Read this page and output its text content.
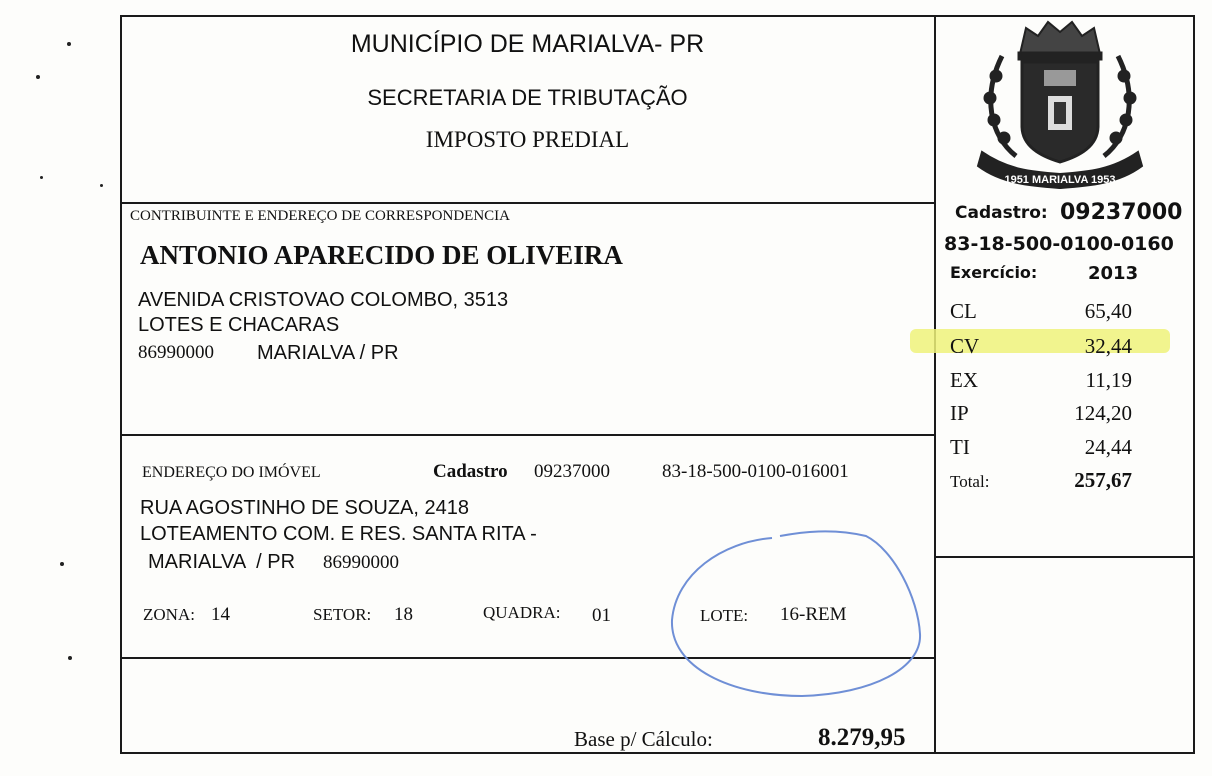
MUNICÍPIO DE MARIALVA- PR
SECRETARIA DE TRIBUTAÇÃO
IMPOSTO PREDIAL
1951 MARIALVA 1953
Cadastro: 09237000
83-18-500-0100-0160
Exercício:	2013
CL	65,40
CV	32,44
EX	11,19
IP	124,20
TI	24,44
Total:	257,67
CONTRIBUINTE E ENDEREÇO DE CORRESPONDENCIA
ANTONIO APARECIDO DE OLIVEIRA
AVENIDA CRISTOVAO COLOMBO, 3513
LOTES E CHACARAS
86990000 MARIALVA / PR
ENDEREÇO DO IMÓVEL	Cadastro 09237000	83-18-500-0100-016001
RUA AGOSTINHO DE SOUZA, 2418
LOTEAMENTO COM. E RES. SANTA RITA -
MARIALVA  / PR 86990000
ZONA: 14	SETOR: 18	QUADRA: 01	LOTE: 16-REM
Base p/ Cálculo:	8.279,95
